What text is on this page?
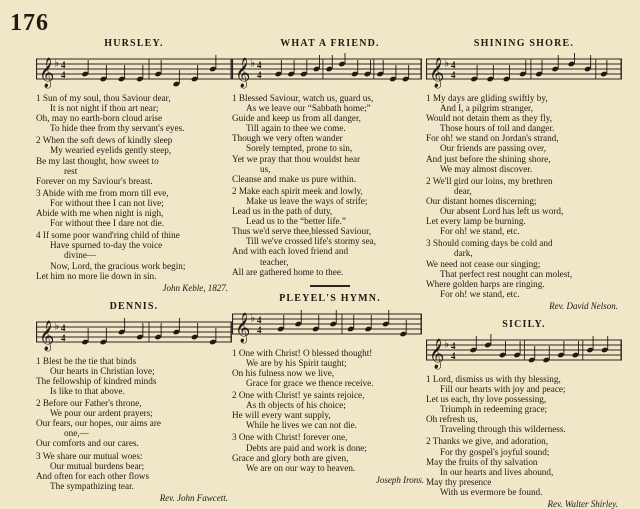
176
HURSLEY.
𝄞 ♭ 4
4
1 Sun of my soul, thou Saviour dear,
It is not night if thou art near;
Oh, may no earth-born cloud arise
To hide thee from thy servant's eyes.
2 When the soft dews of kindly sleep
My wearied eyelids gently steep,
Be my last thought, how sweet to
rest
Forever on my Saviour's breast.
3 Abide with me from morn till eve,
For without thee I can not live;
Abide with me when night is nigh,
For without thee I dare not die.
4 If some poor wand'ring child of thine
Have spurned to-day the voice
divine—
Now, Lord, the gracious work begin;
Let him no more lie down in sin.
John Keble, 1827.
DENNIS.
𝄞 ♭ 4
4
1 Blest be the tie that binds
Our hearts in Christian love;
The fellowship of kindred minds
Is like to that above.
2 Before our Father's throne,
We pour our ardent prayers;
Our fears, our hopes, our aims are
one,—
Our comforts and our cares.
3 We share our mutual woes:
Our mutual burdens bear;
And often for each other flows
The sympathizing tear.
Rev. John Fawcett.
WHAT A FRIEND.
𝄞 ♭ 4
4
1 Blessed Saviour, watch us, guard us,
As we leave our “Sabbath home;”
Guide and keep us from all danger,
Till again to thee we come.
Though we very often wander
Sorely tempted, prone to sin,
Yet we pray that thou wouldst hear
us,
Cleanse and make us pure within.
2 Make each spirit meek and lowly,
Make us leave the ways of strife;
Lead us in the path of duty,
Lead us to the “better life.”
Thus we'd serve thee,blessed Saviour,
Till we've crossed life's stormy sea,
And with each loved friend and
teacher,
All are gathered home to thee.
PLEYEL'S HYMN.
𝄞 ♭ 4
4
1 One with Christ! O blessed thought!
We are by his Spirit taught;
On his fulness now we live,
Grace for grace we thence receive.
2 One with Christ! ye saints rejoice,
As th objects of his choice;
He will every want supply,
While he lives we can not die.
3 One with Christ! forever one,
Debts are paid and work is done;
Grace and glory both are given,
We are on our way to heaven.
Joseph Irons.
SHINING SHORE.
𝄞 ♭ 4
4
1 My days are gliding swiftly by,
And I, a pilgrim stranger,
Would not detain them as they fly,
Those hours of toil and danger.
For oh! we stand on Jordan's strand,
Our friends are passing over,
And just before the shining shore,
We may almost discover.
2 We'll gird our loins, my brethren
dear,
Our distant homes discerning;
Our absent Lord has left us word,
Let every lamp be burning.
For oh! we stand, etc.
3 Should coming days be cold and
dark,
We need not cease our singing;
That perfect rest nought can molest,
Where golden harps are ringing.
For oh! we stand, etc.
Rev. David Nelson.
SICILY.
𝄞 ♭ 4
4
1 Lord, dismiss us with thy blessing,
Fill our hearts with joy and peace;
Let us each, thy love possessing,
Triumph in redeeming grace;
Oh refresh us,
Traveling through this wilderness.
2 Thanks we give, and adoration,
For thy gospel's joyful sound;
May the fruits of thy salvation
In our hearts and lives abound,
May thy presence
With us evermore be found.
Rev. Walter Shirley.
